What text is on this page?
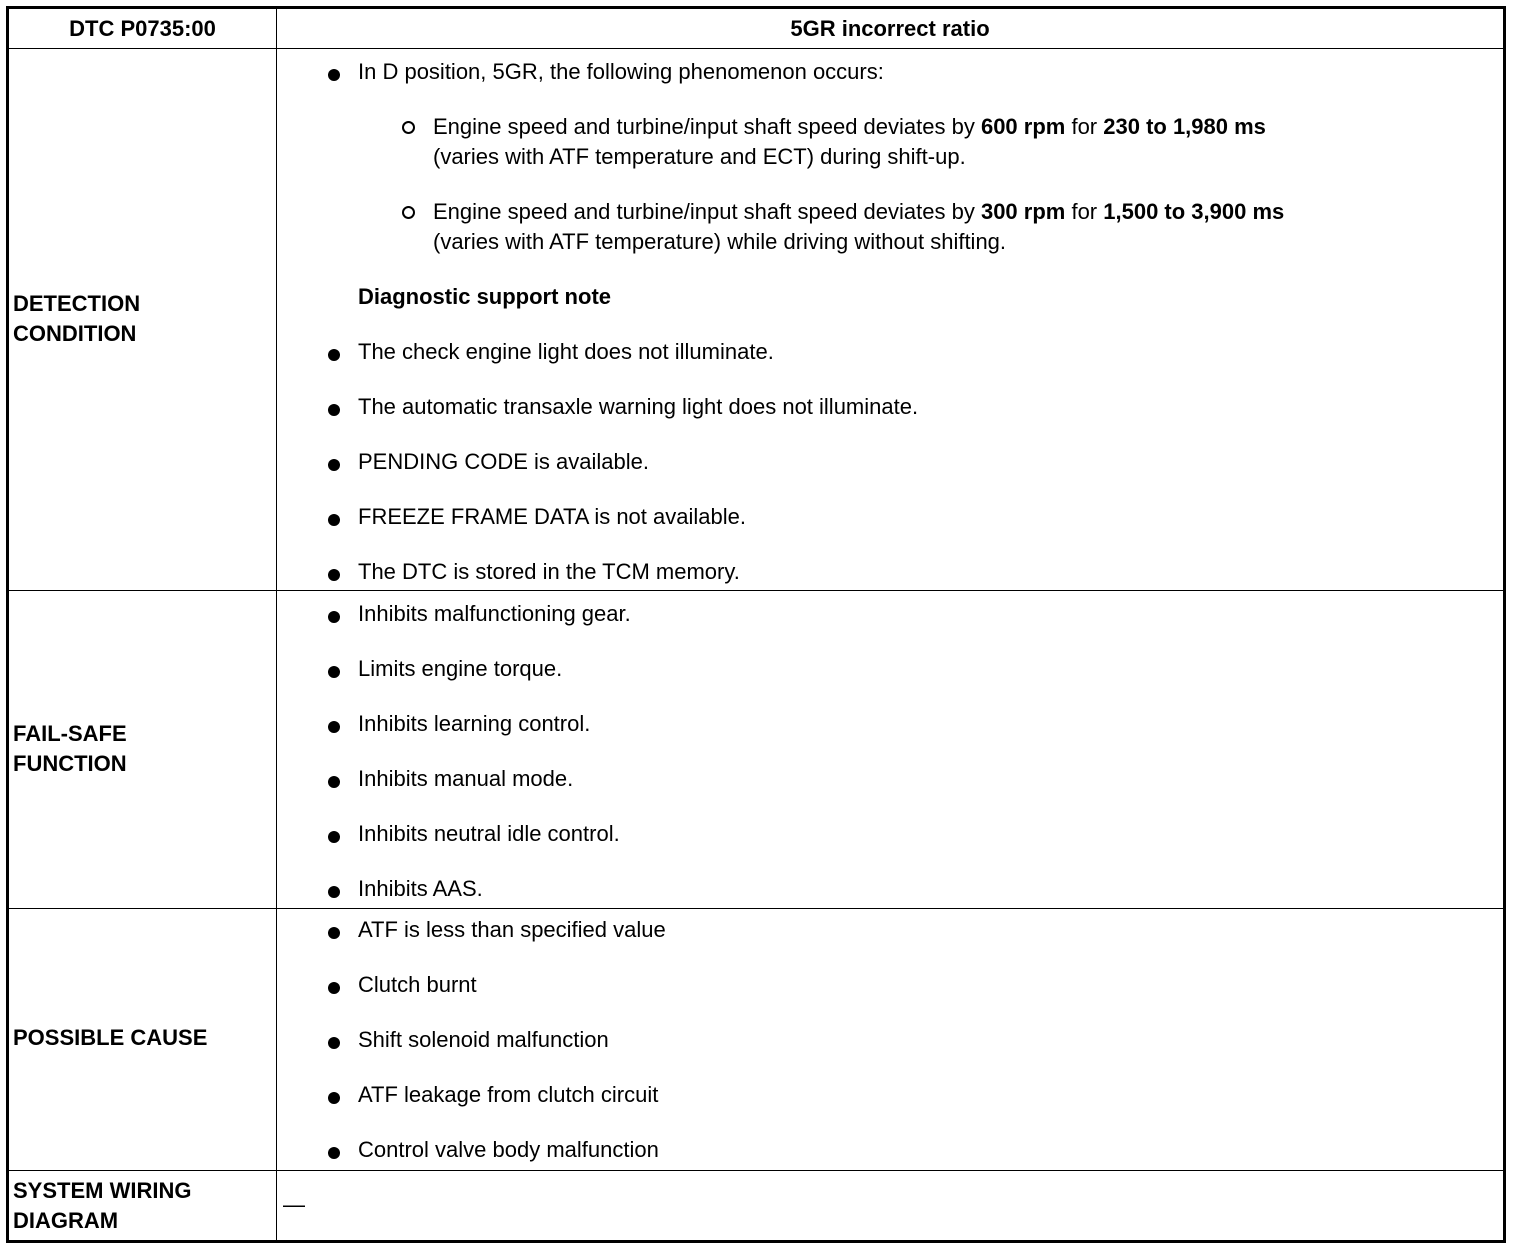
DTC P0735:00	5GR incorrect ratio
DETECTION
CONDITION
In D position, 5GR, the following phenomenon occurs:
Engine speed and turbine/input shaft speed deviates by 600 rpm for 230 to 1,980 ms
(varies with ATF temperature and ECT) during shift-up.
Engine speed and turbine/input shaft speed deviates by 300 rpm for 1,500 to 3,900 ms
(varies with ATF temperature) while driving without shifting.
Diagnostic support note
The check engine light does not illuminate.
The automatic transaxle warning light does not illuminate.
PENDING CODE is available.
FREEZE FRAME DATA is not available.
The DTC is stored in the TCM memory.
FAIL-SAFE
FUNCTION
Inhibits malfunctioning gear.
Limits engine torque.
Inhibits learning control.
Inhibits manual mode.
Inhibits neutral idle control.
Inhibits AAS.
POSSIBLE CAUSE
ATF is less than specified value
Clutch burnt
Shift solenoid malfunction
ATF leakage from clutch circuit
Control valve body malfunction
SYSTEM WIRING
DIAGRAM
—
